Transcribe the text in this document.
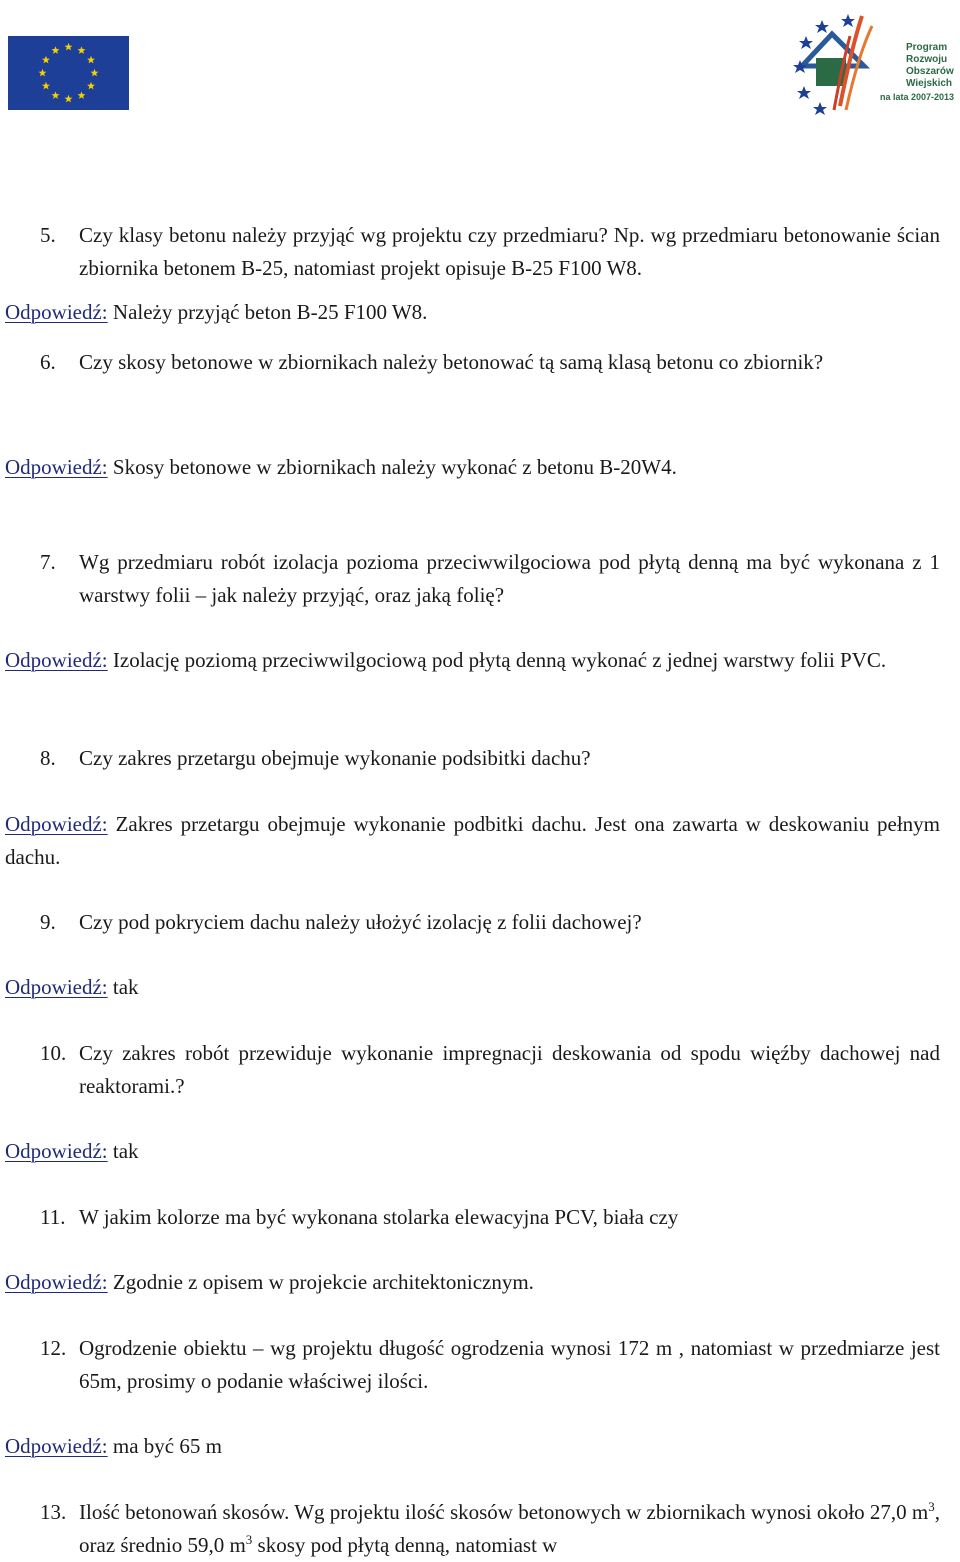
Program
Rozwoju
Obszarów
Wiejskich
na lata 2007-2013
5. Czy klasy betonu należy przyjąć wg projektu czy przedmiaru? Np. wg przedmiaru betonowanie ścian zbiornika betonem B-25, natomiast projekt opisuje B-25 F100 W8.
Odpowiedź: Należy przyjąć beton B-25 F100 W8.
6. Czy skosy betonowe w zbiornikach należy betonować tą samą klasą betonu co zbiornik?
Odpowiedź: Skosy betonowe w zbiornikach należy wykonać z betonu B-20W4.
7. Wg przedmiaru robót izolacja pozioma przeciwwilgociowa pod płytą denną ma być wykonana z 1 warstwy folii – jak należy przyjąć, oraz jaką folię?
Odpowiedź: Izolację poziomą przeciwwilgociową pod płytą denną wykonać z jednej warstwy folii PVC.
8. Czy zakres przetargu obejmuje wykonanie podsibitki dachu?
Odpowiedź: Zakres przetargu obejmuje wykonanie podbitki dachu. Jest ona zawarta w deskowaniu pełnym dachu.
9. Czy pod pokryciem dachu należy ułożyć izolację z folii dachowej?
Odpowiedź: tak
10. Czy zakres robót przewiduje wykonanie impregnacji deskowania od spodu więźby dachowej nad reaktorami.?
Odpowiedź: tak
11. W jakim kolorze ma być wykonana stolarka elewacyjna PCV, biała czy
Odpowiedź: Zgodnie z opisem w projekcie architektonicznym.
12. Ogrodzenie obiektu – wg projektu długość ogrodzenia wynosi 172 m , natomiast w przedmiarze jest 65m, prosimy o podanie właściwej ilości.
Odpowiedź: ma być 65 m
13. Ilość betonowań skosów. Wg projektu ilość skosów betonowych w zbiornikach wynosi około 27,0 $m^3$, oraz średnio 59,0 $m^3$ skosy pod płytą denną, natomiast w
